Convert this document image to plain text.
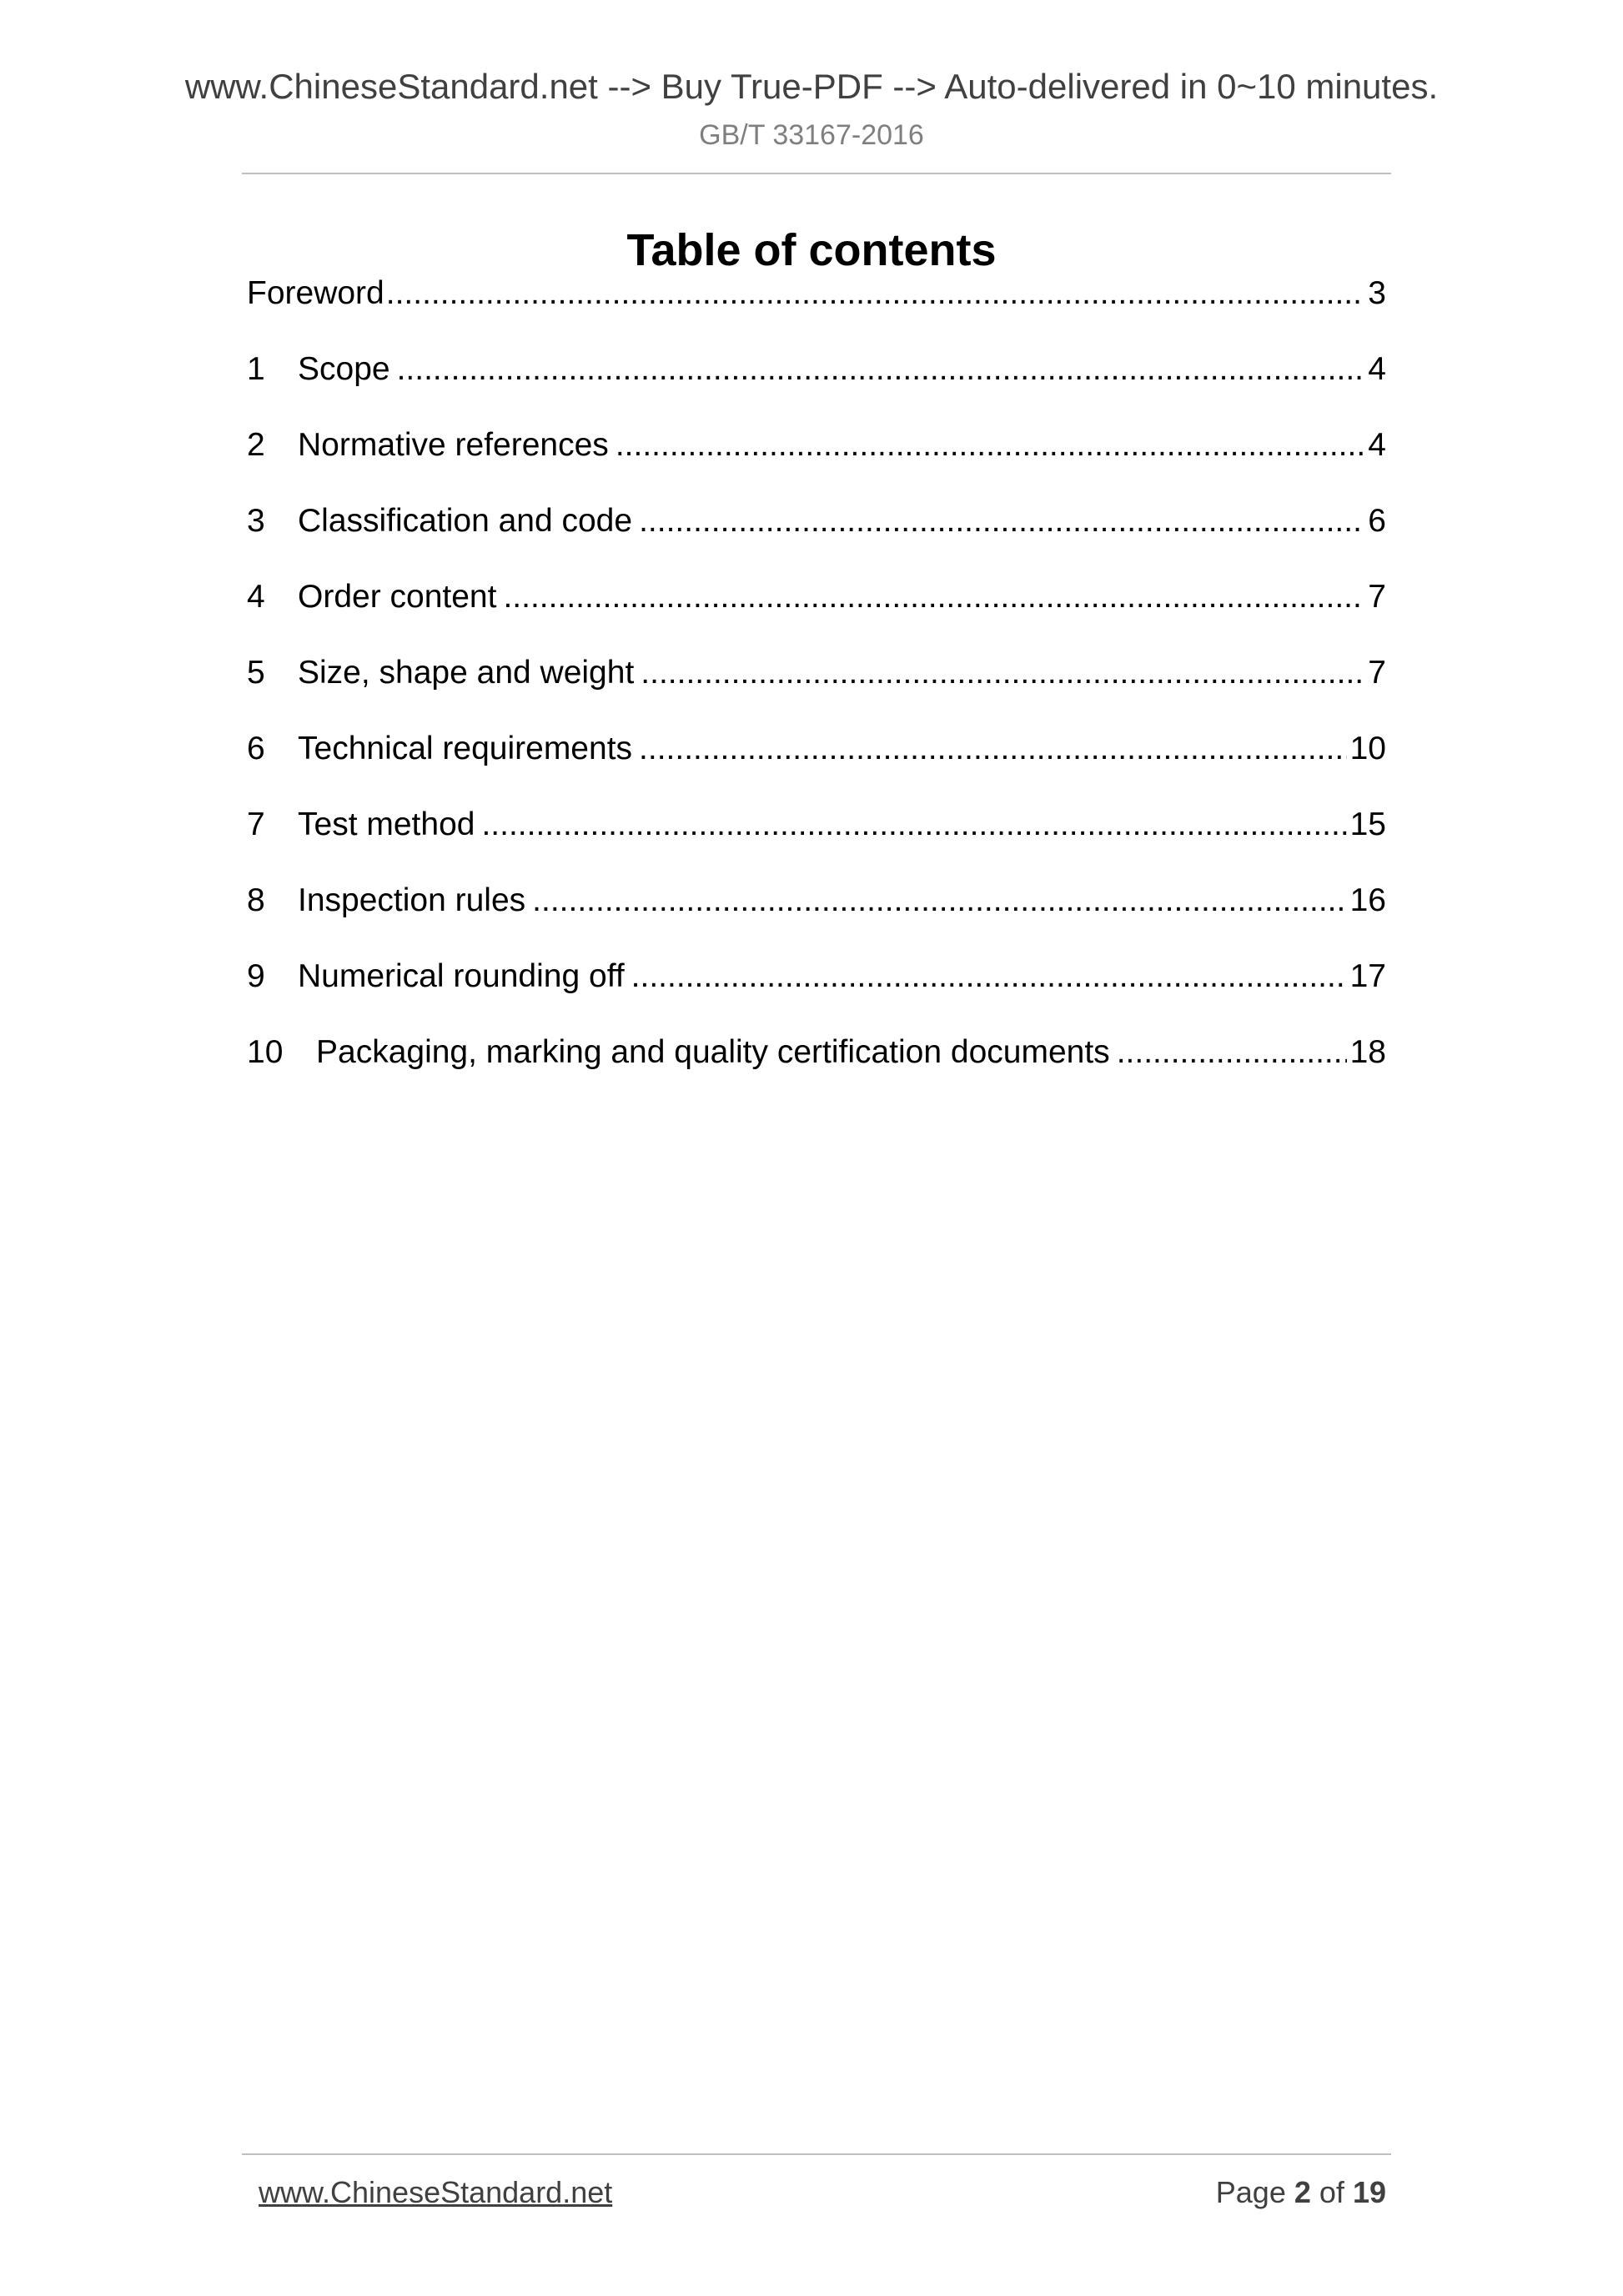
www.ChineseStandard.net --> Buy True-PDF --> Auto-delivered in 0~10 minutes.
GB/T 33167-2016
Table of contents
Foreword .....	3
1	Scope .....	4
2	Normative references .....	4
3	Classification and code .....	6
4	Order content .....	7
5	Size, shape and weight .....	7
6	Technical requirements .....	10
7	Test method .....	15
8	Inspection rules .....	16
9	Numerical rounding off .....	17
10	Packaging, marking and quality certification documents .....	18
www.ChineseStandard.net	Page 2 of 19
